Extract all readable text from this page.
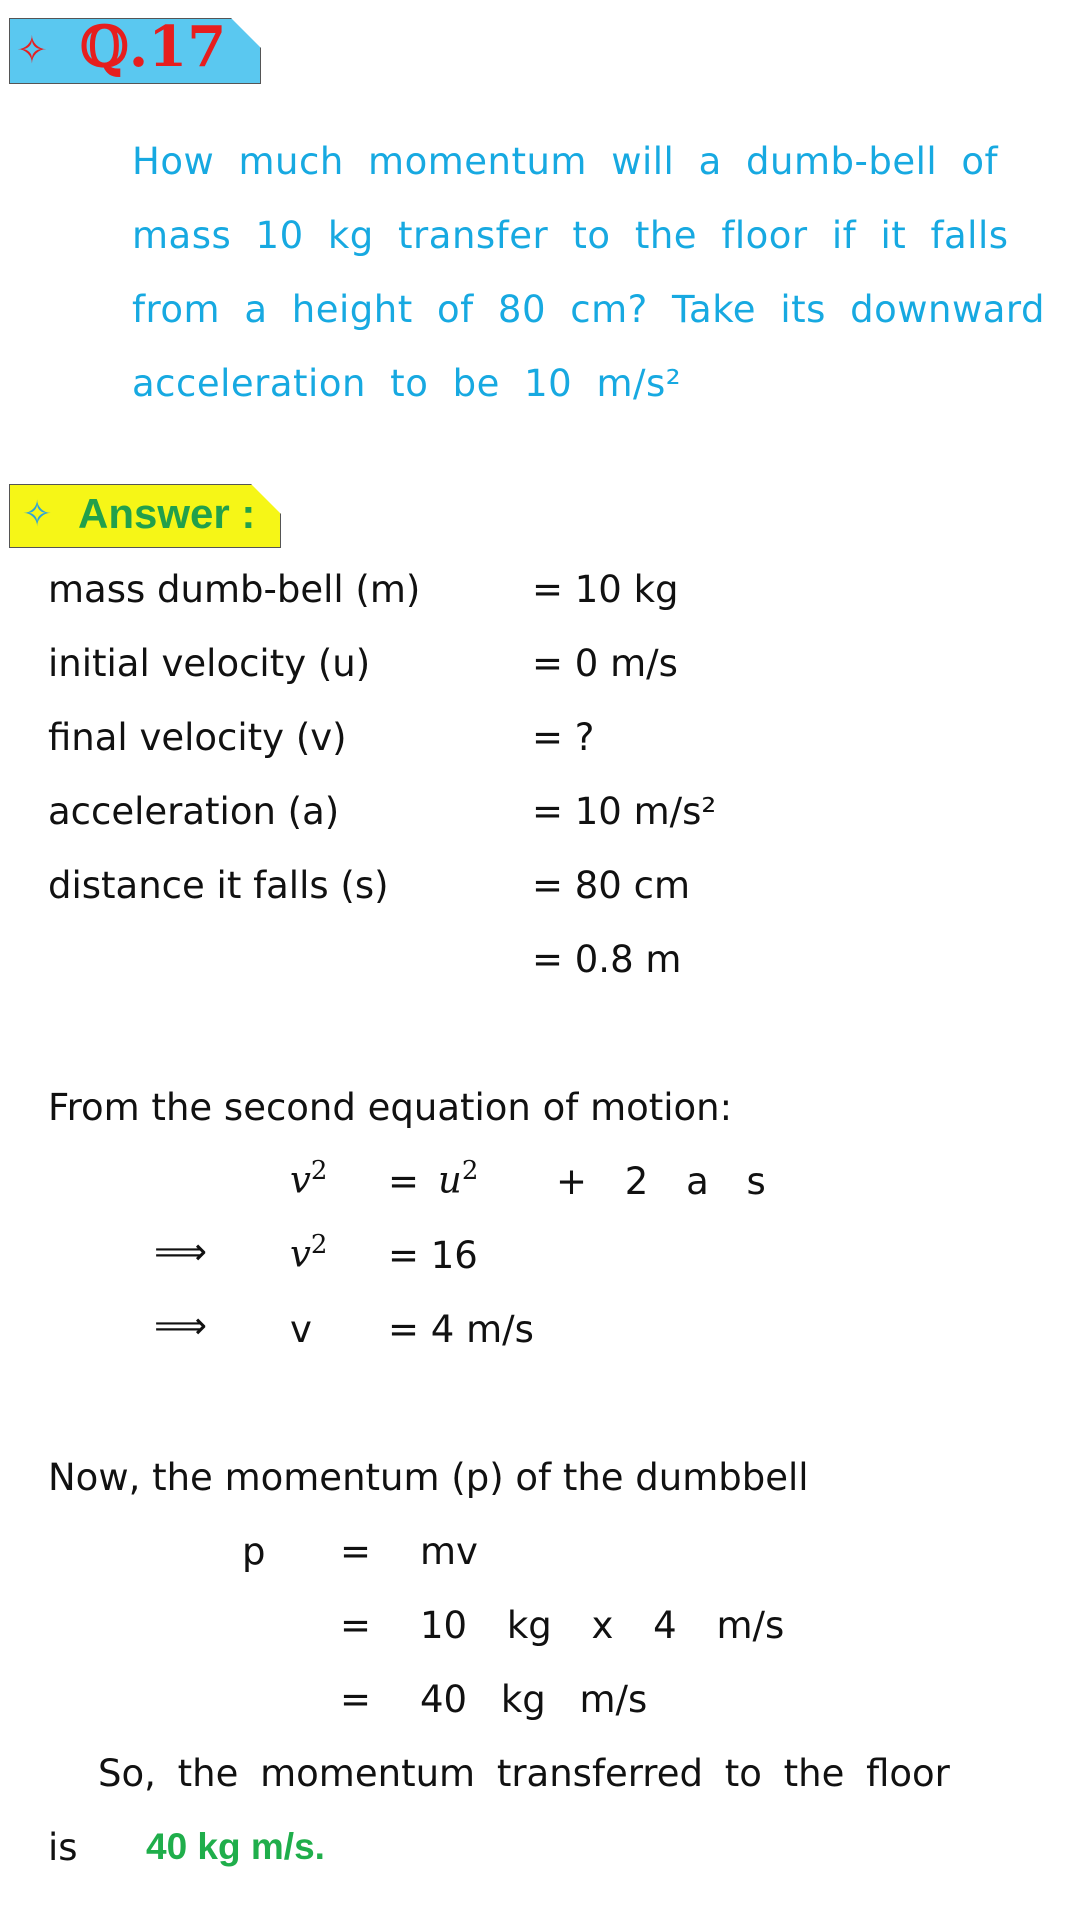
✧ ℚ.17
How much momentum will a dumb-bell of
mass 10 kg transfer to the floor if it falls
from a height of 80 cm? Take its downward
acceleration to be 10 m/s²
✧ Answer :
mass dumb-bell (m)	= 10 kg
initial velocity (u)	= 0 m/s
final velocity (v)	= ?
acceleration (a)	= 10 m/s²
distance it falls (s)	= 80 cm
= 0.8 m
From the second equation of motion:
$v^2 = u^2 + 2$ a s
⟹ $v^2 = 16$
⟹ v = 4 m/s
Now, the momentum (p) of the dumbbell
p = mv
= 10 kg x 4 m/s
= 40 kg m/s
So, the momentum transferred to the floor
is 40 kg m/s.
